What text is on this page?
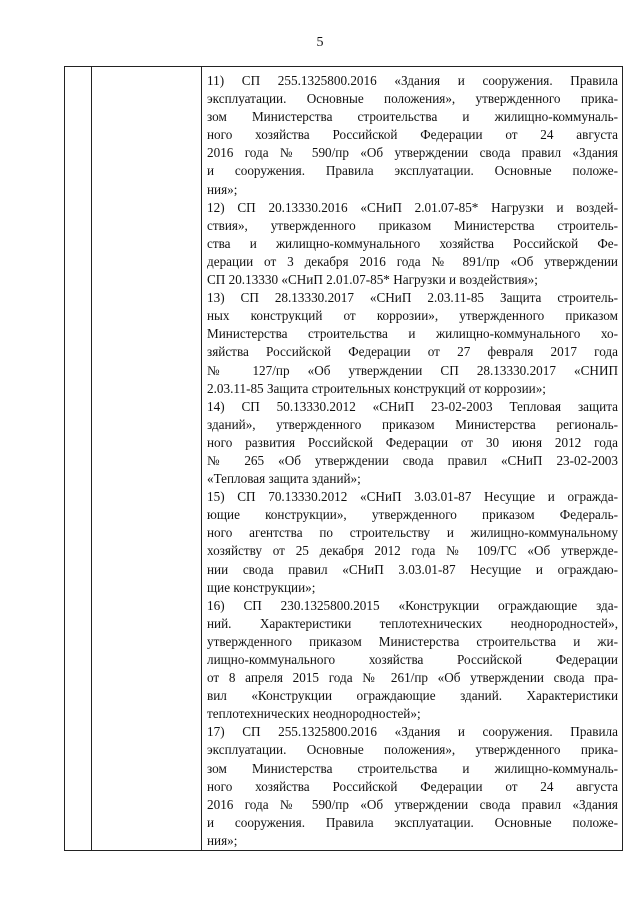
5

11) СП 255.1325800.2016 «Здания и сооружения. Правила
эксплуатации. Основные положения», утвержденного прика-
зом Министерства строительства и жилищно-коммуналь-
ного хозяйства Российской Федерации от 24 августа
2016 года № 590/пр «Об утверждении свода правил «Здания
и сооружения. Правила эксплуатации. Основные положе-
ния»;
12) СП 20.13330.2016 «СНиП 2.01.07-85* Нагрузки и воздей-
ствия», утвержденного приказом Министерства строитель-
ства и жилищно-коммунального хозяйства Российской Фе-
дерации от 3 декабря 2016 года № 891/пр «Об утверждении
СП 20.13330 «СНиП 2.01.07-85* Нагрузки и воздействия»;
13) СП 28.13330.2017 «СНиП 2.03.11-85 Защита строитель-
ных конструкций от коррозии», утвержденного приказом
Министерства строительства и жилищно-коммунального хо-
зяйства Российской Федерации от 27 февраля 2017 года
№ 127/пр «Об утверждении СП 28.13330.2017 «СНИП
2.03.11-85 Защита строительных конструкций от коррозии»;
14) СП 50.13330.2012 «СНиП 23-02-2003 Тепловая защита
зданий», утвержденного приказом Министерства региональ-
ного развития Российской Федерации от 30 июня 2012 года
№ 265 «Об утверждении свода правил «СНиП 23-02-2003
«Тепловая защита зданий»;
15) СП 70.13330.2012 «СНиП 3.03.01-87 Несущие и огражда-
ющие конструкции», утвержденного приказом Федераль-
ного агентства по строительству и жилищно-коммунальному
хозяйству от 25 декабря 2012 года № 109/ГС «Об утвержде-
нии свода правил «СНиП 3.03.01-87 Несущие и ограждаю-
щие конструкции»;
16) СП 230.1325800.2015 «Конструкции ограждающие зда-
ний. Характеристики теплотехнических неоднородностей»,
утвержденного приказом Министерства строительства и жи-
лищно-коммунального хозяйства Российской Федерации
от 8 апреля 2015 года № 261/пр «Об утверждении свода пра-
вил «Конструкции ограждающие зданий. Характеристики
теплотехнических неоднородностей»;
17) СП 255.1325800.2016 «Здания и сооружения. Правила
эксплуатации. Основные положения», утвержденного прика-
зом Министерства строительства и жилищно-коммуналь-
ного хозяйства Российской Федерации от 24 августа
2016 года № 590/пр «Об утверждении свода правил «Здания
и сооружения. Правила эксплуатации. Основные положе-
ния»;
